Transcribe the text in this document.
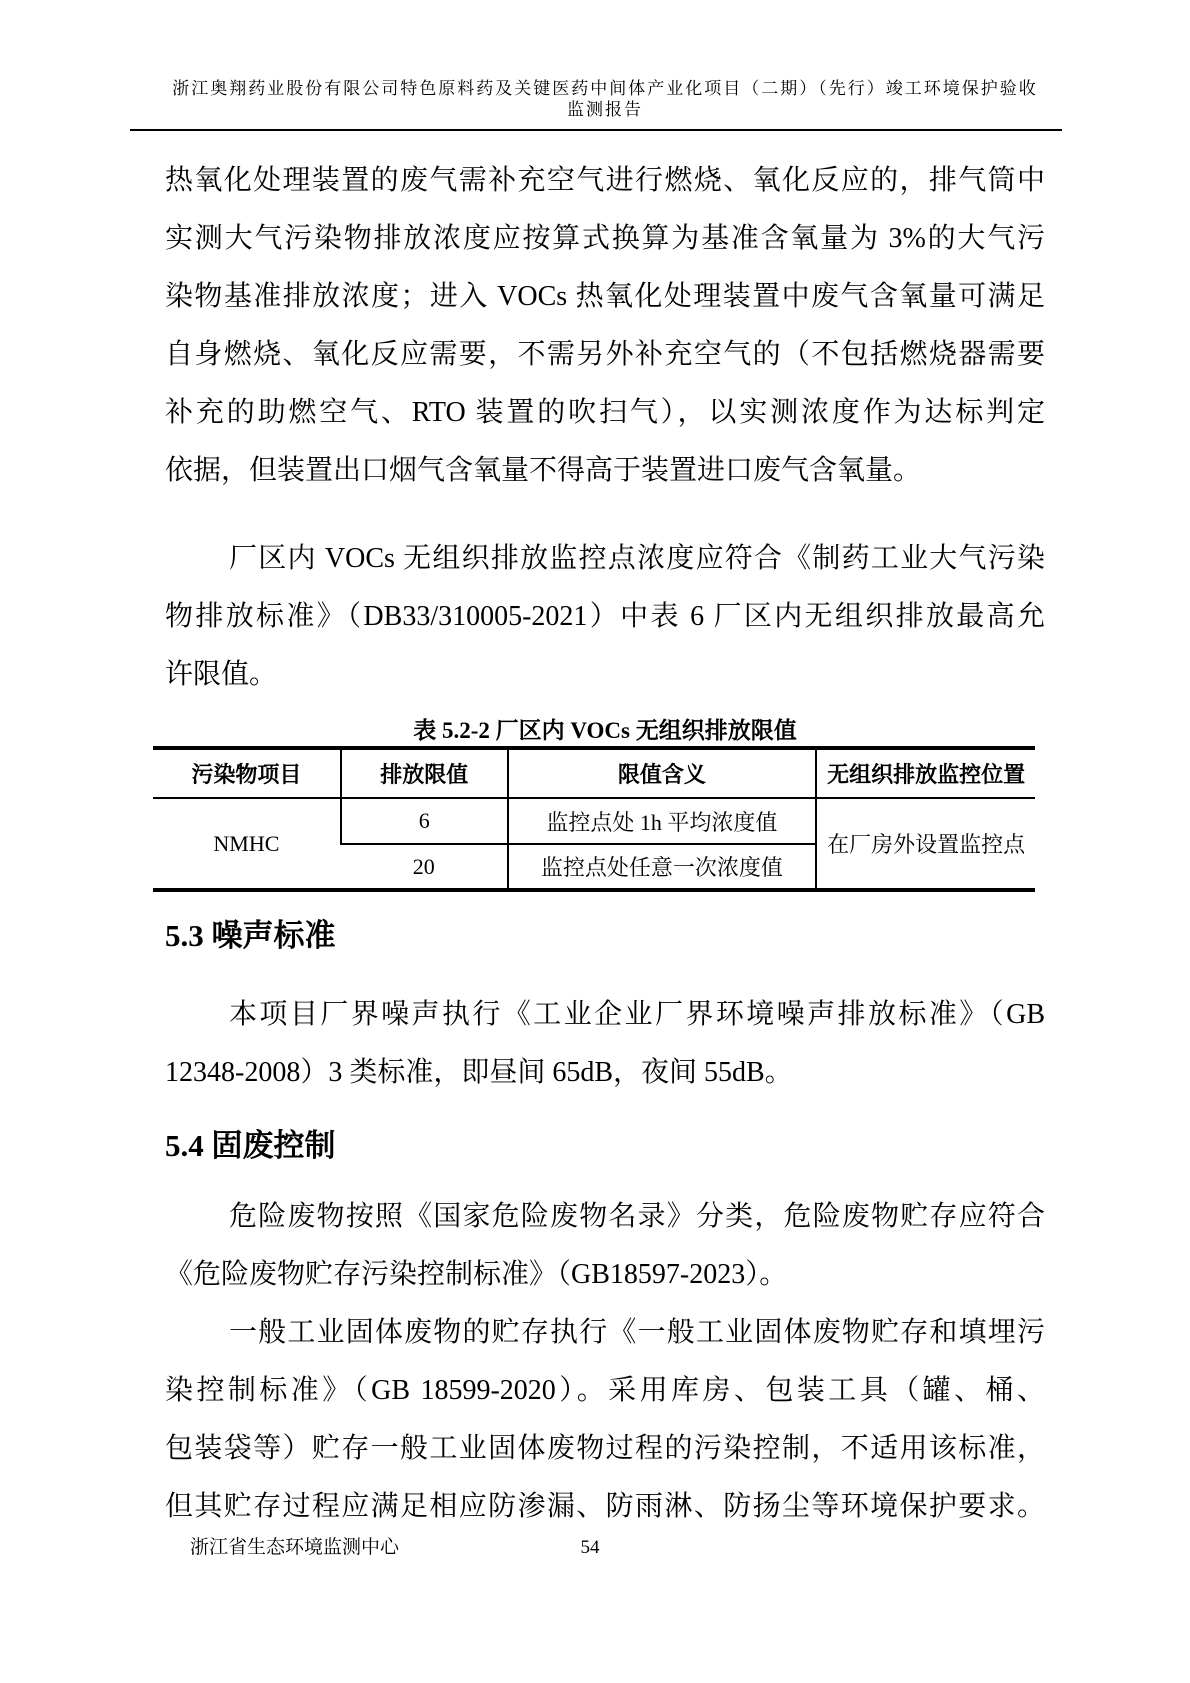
浙江奥翔药业股份有限公司特色原料药及关键医药中间体产业化项目（二期）（先行）竣工环境保护验收
监测报告
热氧化处理装置的废气需补充空气进行燃烧、氧化反应的，排气筒中
实测大气污染物排放浓度应按算式换算为基准含氧量为 3%的大气污
染物基准排放浓度；进入 VOCs 热氧化处理装置中废气含氧量可满足
自身燃烧、氧化反应需要，不需另外补充空气的（不包括燃烧器需要
补充的助燃空气、RTO 装置的吹扫气），以实测浓度作为达标判定
依据，但装置出口烟气含氧量不得高于装置进口废气含氧量。
厂区内 VOCs 无组织排放监控点浓度应符合《制药工业大气污染
物排放标准》（DB33/310005-2021）中表 6 厂区内无组织排放最高允
许限值。
表 5.2-2 厂区内 VOCs 无组织排放限值
污染物项目	排放限值	限值含义	无组织排放监控位置
NMHC	6	监控点处 1h 平均浓度值	在厂房外设置监控点
	20	监控点处任意一次浓度值	
5.3 噪声标准
本项目厂界噪声执行《工业企业厂界环境噪声排放标准》（GB
12348-2008）3 类标准，即昼间 65dB，夜间 55dB。
5.4 固废控制
危险废物按照《国家危险废物名录》分类，危险废物贮存应符合
《危险废物贮存污染控制标准》（GB18597-2023）。
一般工业固体废物的贮存执行《一般工业固体废物贮存和填埋污
染控制标准》（GB 18599-2020）。采用库房、包装工具（罐、桶、
包装袋等）贮存一般工业固体废物过程的污染控制，不适用该标准，
但其贮存过程应满足相应防渗漏、防雨淋、防扬尘等环境保护要求。
浙江省生态环境监测中心	54
